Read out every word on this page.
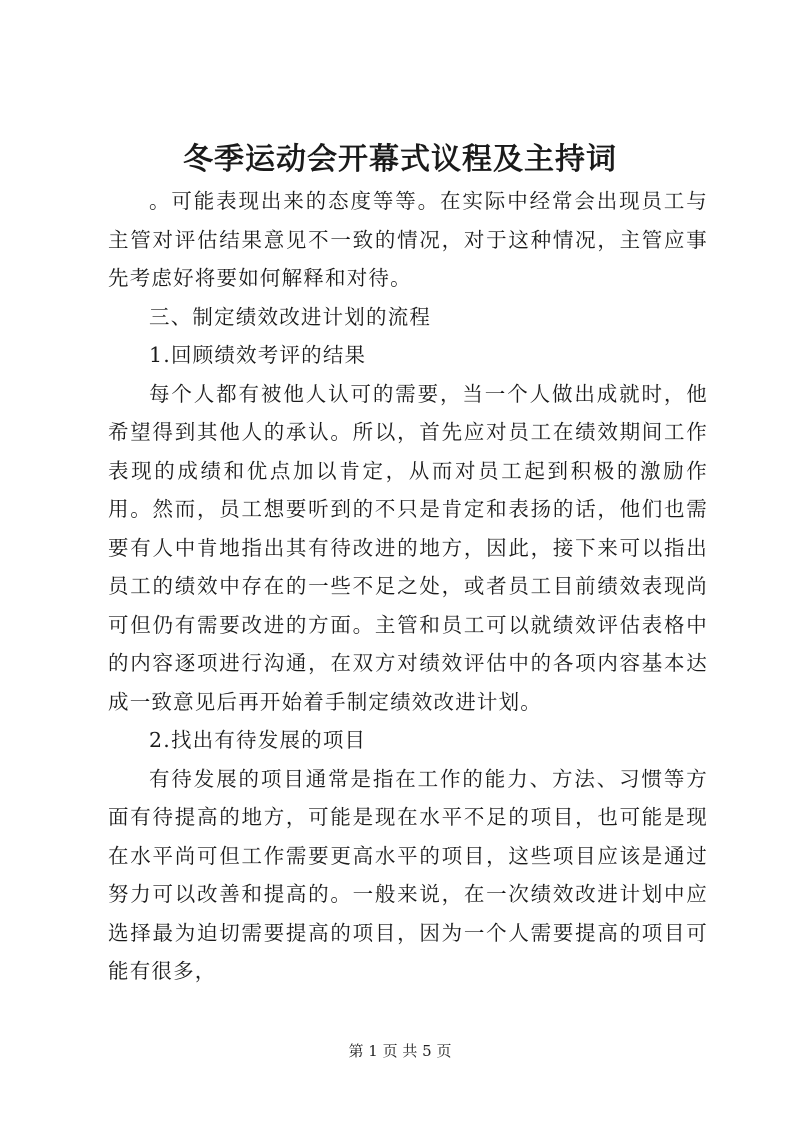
冬季运动会开幕式议程及主持词

。可能表现出来的态度等等。在实际中经常会出现员工与主管对评估结果意见不一致的情况，对于这种情况，主管应事先考虑好将要如何解释和对待。

三、制定绩效改进计划的流程

1.回顾绩效考评的结果

每个人都有被他人认可的需要，当一个人做出成就时，他希望得到其他人的承认。所以，首先应对员工在绩效期间工作表现的成绩和优点加以肯定，从而对员工起到积极的激励作用。然而，员工想要听到的不只是肯定和表扬的话，他们也需要有人中肯地指出其有待改进的地方，因此，接下来可以指出员工的绩效中存在的一些不足之处，或者员工目前绩效表现尚可但仍有需要改进的方面。主管和员工可以就绩效评估表格中的内容逐项进行沟通，在双方对绩效评估中的各项内容基本达成一致意见后再开始着手制定绩效改进计划。

2.找出有待发展的项目

有待发展的项目通常是指在工作的能力、方法、习惯等方面有待提高的地方，可能是现在水平不足的项目，也可能是现在水平尚可但工作需要更高水平的项目，这些项目应该是通过努力可以改善和提高的。一般来说，在一次绩效改进计划中应选择最为迫切需要提高的项目，因为一个人需要提高的项目可能有很多，

第 1 页 共 5 页
